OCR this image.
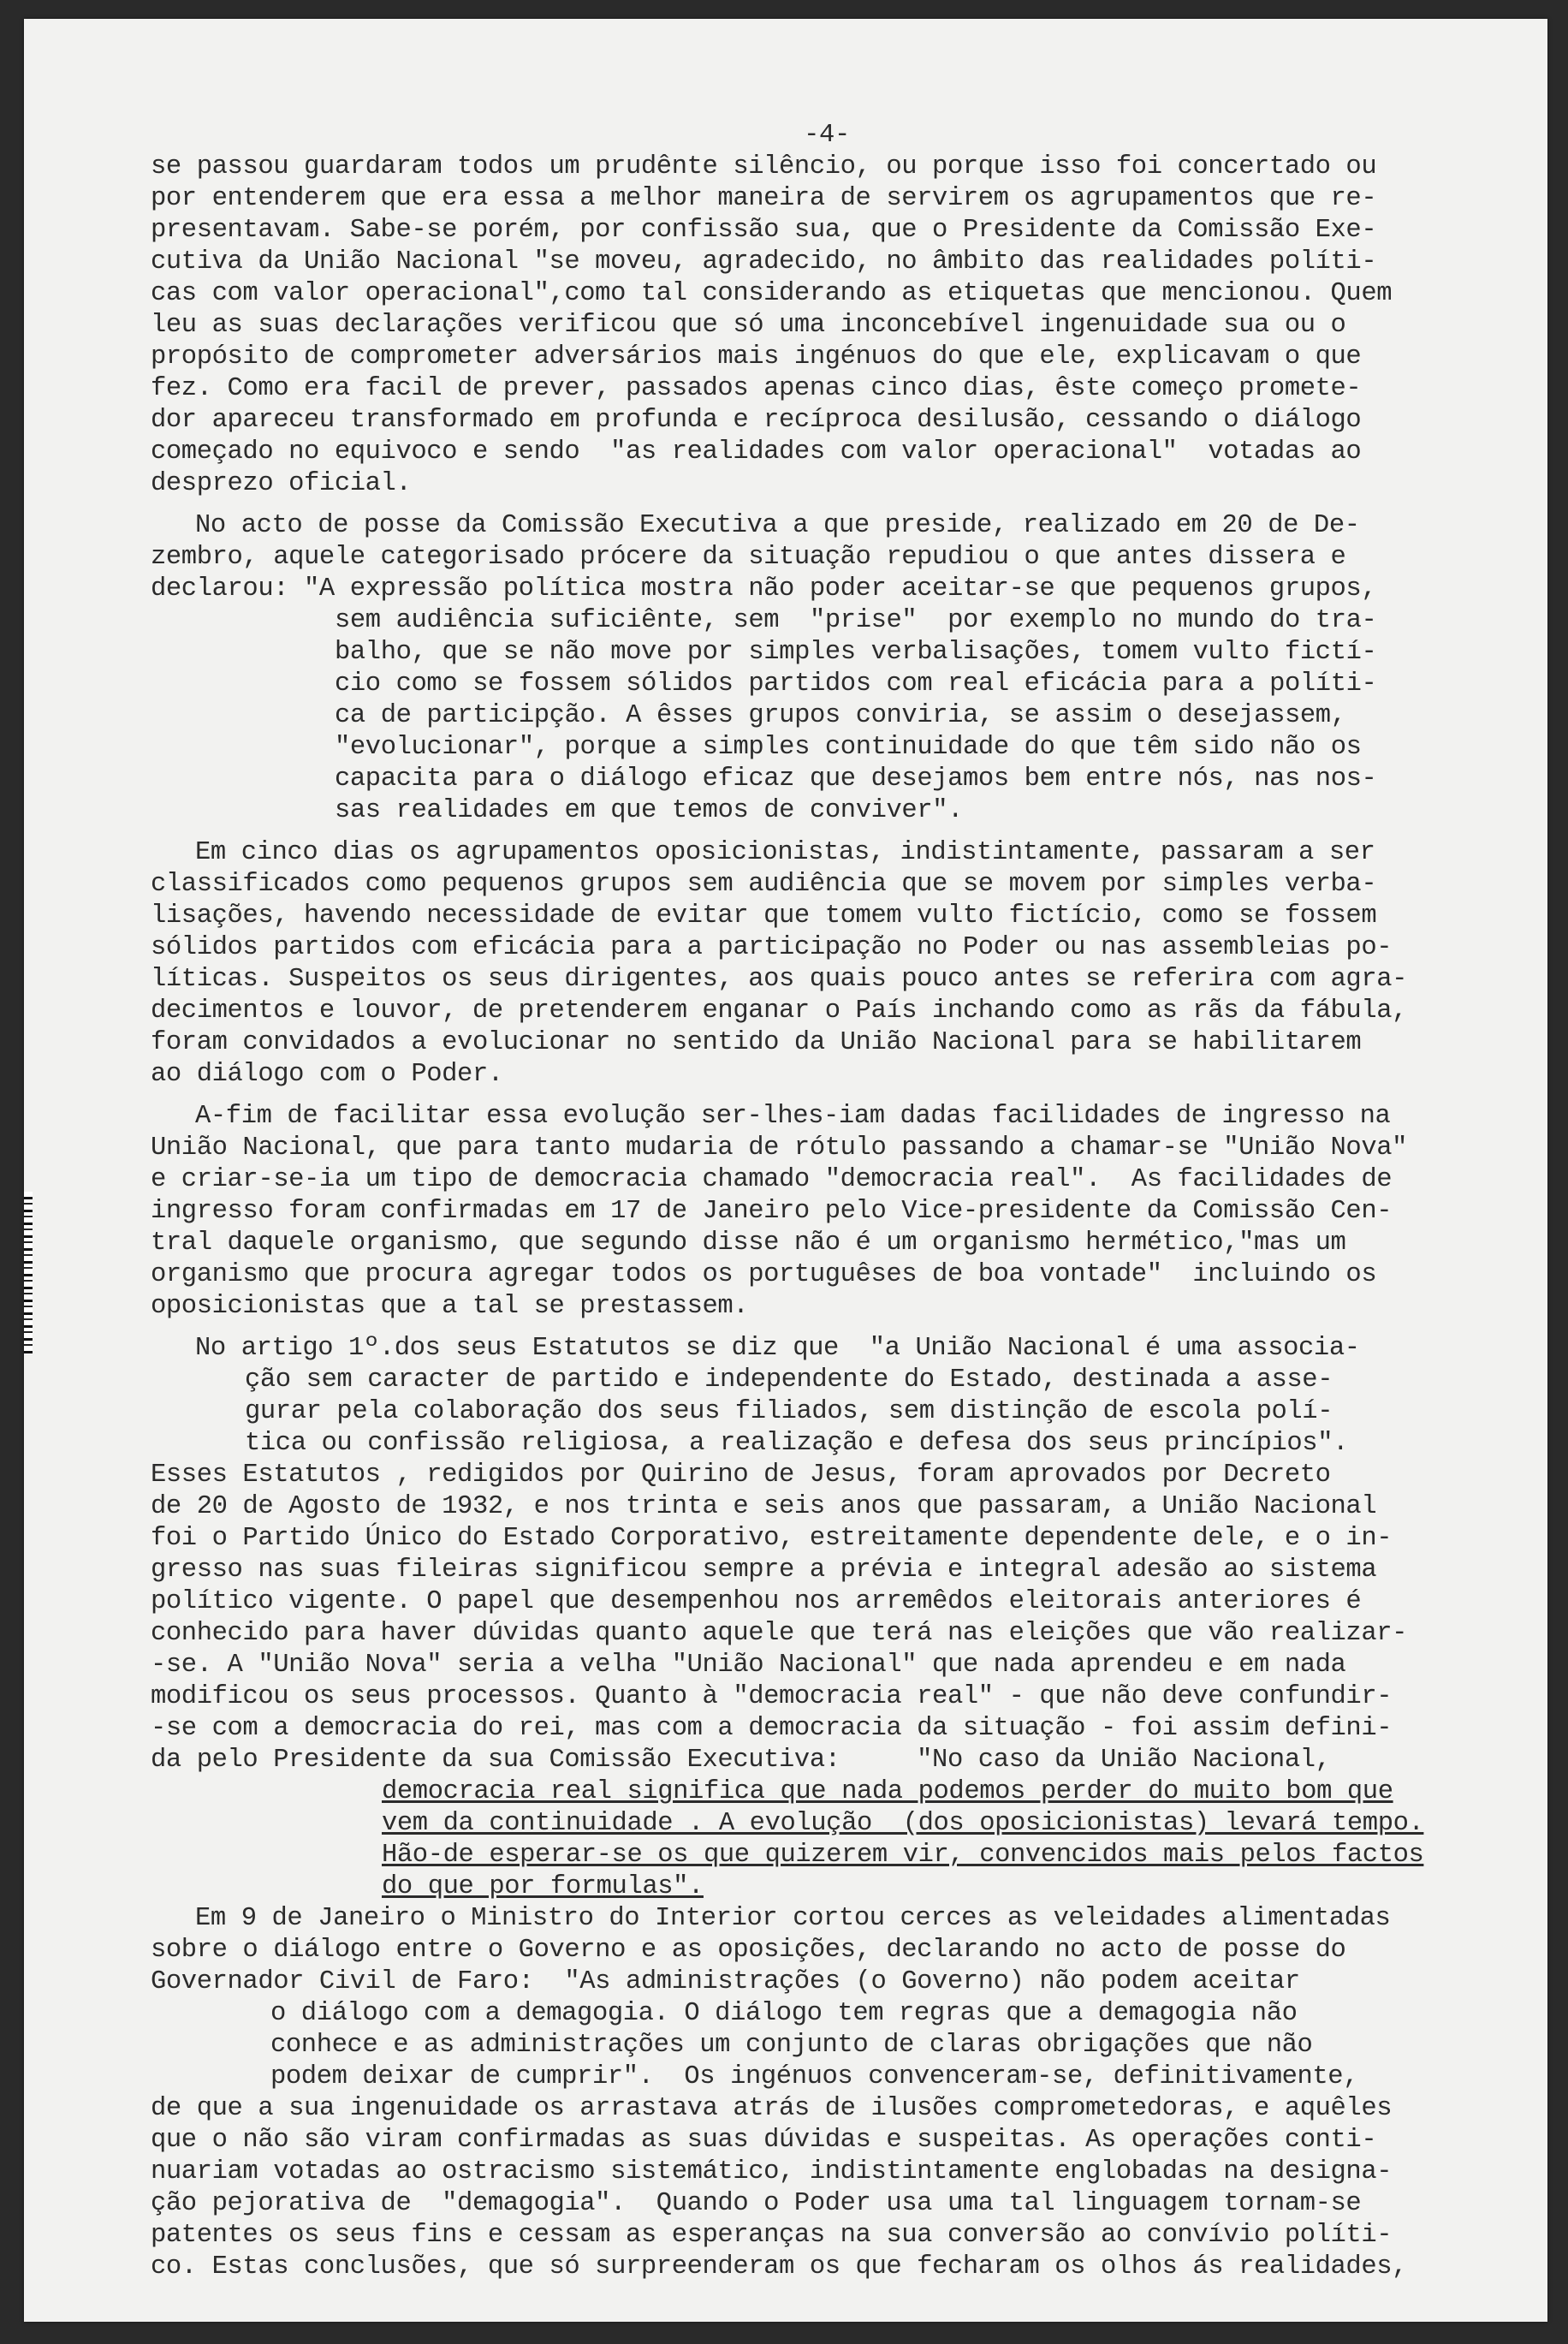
-4-
se passou guardaram todos um prudênte silêncio, ou porque isso foi concertado ou
por entenderem que era essa a melhor maneira de servirem os agrupamentos que re-
presentavam. Sabe-se porém, por confissão sua, que o Presidente da Comissão Exe-
cutiva da União Nacional "se moveu, agradecido, no âmbito das realidades políti-
cas com valor operacional",como tal considerando as etiquetas que mencionou. Quem
leu as suas declarações verificou que só uma inconcebível ingenuidade sua ou o
propósito de comprometer adversários mais ingénuos do que ele, explicavam o que
fez. Como era facil de prever, passados apenas cinco dias, êste começo promete-
dor apareceu transformado em profunda e recíproca desilusão, cessando o diálogo
começado no equivoco e sendo  "as realidades com valor operacional"  votadas ao
desprezo oficial.
No acto de posse da Comissão Executiva a que preside, realizado em 20 de De-
zembro, aquele categorisado prócere da situação repudiou o que antes dissera e
declarou: "A expressão política mostra não poder aceitar-se que pequenos grupos,
sem audiência suficiênte, sem  "prise"  por exemplo no mundo do tra-
balho, que se não move por simples verbalisações, tomem vulto fictí-
cio como se fossem sólidos partidos com real eficácia para a políti-
ca de participção. A êsses grupos conviria, se assim o desejassem,
"evolucionar", porque a simples continuidade do que têm sido não os
capacita para o diálogo eficaz que desejamos bem entre nós, nas nos-
sas realidades em que temos de conviver".
Em cinco dias os agrupamentos oposicionistas, indistintamente, passaram a ser
classificados como pequenos grupos sem audiência que se movem por simples verba-
lisações, havendo necessidade de evitar que tomem vulto fictício, como se fossem
sólidos partidos com eficácia para a participação no Poder ou nas assembleias po-
líticas. Suspeitos os seus dirigentes, aos quais pouco antes se referira com agra-
decimentos e louvor, de pretenderem enganar o País inchando como as rãs da fábula,
foram convidados a evolucionar no sentido da União Nacional para se habilitarem
ao diálogo com o Poder.
A-fim de facilitar essa evolução ser-lhes-iam dadas facilidades de ingresso na
União Nacional, que para tanto mudaria de rótulo passando a chamar-se "União Nova"
e criar-se-ia um tipo de democracia chamado "democracia real".  As facilidades de
ingresso foram confirmadas em 17 de Janeiro pelo Vice-presidente da Comissão Cen-
tral daquele organismo, que segundo disse não é um organismo hermético,"mas um
organismo que procura agregar todos os portuguêses de boa vontade"  incluindo os
oposicionistas que a tal se prestassem.
No artigo 1º.dos seus Estatutos se diz que  "a União Nacional é uma associa-
ção sem caracter de partido e independente do Estado, destinada a asse-
gurar pela colaboração dos seus filiados, sem distinção de escola polí-
tica ou confissão religiosa, a realização e defesa dos seus princípios".
Esses Estatutos , redigidos por Quirino de Jesus, foram aprovados por Decreto
de 20 de Agosto de 1932, e nos trinta e seis anos que passaram, a União Nacional
foi o Partido Único do Estado Corporativo, estreitamente dependente dele, e o in-
gresso nas suas fileiras significou sempre a prévia e integral adesão ao sistema
político vigente. O papel que desempenhou nos arremêdos eleitorais anteriores é
conhecido para haver dúvidas quanto aquele que terá nas eleições que vão realizar-
-se. A "União Nova" seria a velha "União Nacional" que nada aprendeu e em nada
modificou os seus processos. Quanto à "democracia real" - que não deve confundir-
-se com a democracia do rei, mas com a democracia da situação - foi assim defini-
da pelo Presidente da sua Comissão Executiva:     "No caso da União Nacional,
democracia real significa que nada podemos perder do muito bom que
vem da continuidade . A evolução  (dos oposicionistas) levará tempo.
Hão-de esperar-se os que quizerem vir, convencidos mais pelos factos
do que por formulas".
Em 9 de Janeiro o Ministro do Interior cortou cerces as veleidades alimentadas
sobre o diálogo entre o Governo e as oposições, declarando no acto de posse do
Governador Civil de Faro:  "As administrações (o Governo) não podem aceitar
o diálogo com a demagogia. O diálogo tem regras que a demagogia não
conhece e as administrações um conjunto de claras obrigações que não
podem deixar de cumprir".  Os ingénuos convenceram-se, definitivamente,
de que a sua ingenuidade os arrastava atrás de ilusões comprometedoras, e aquêles
que o não são viram confirmadas as suas dúvidas e suspeitas. As operações conti-
nuariam votadas ao ostracismo sistemático, indistintamente englobadas na designa-
ção pejorativa de  "demagogia".  Quando o Poder usa uma tal linguagem tornam-se
patentes os seus fins e cessam as esperanças na sua conversão ao convívio políti-
co. Estas conclusões, que só surpreenderam os que fecharam os olhos ás realidades,
